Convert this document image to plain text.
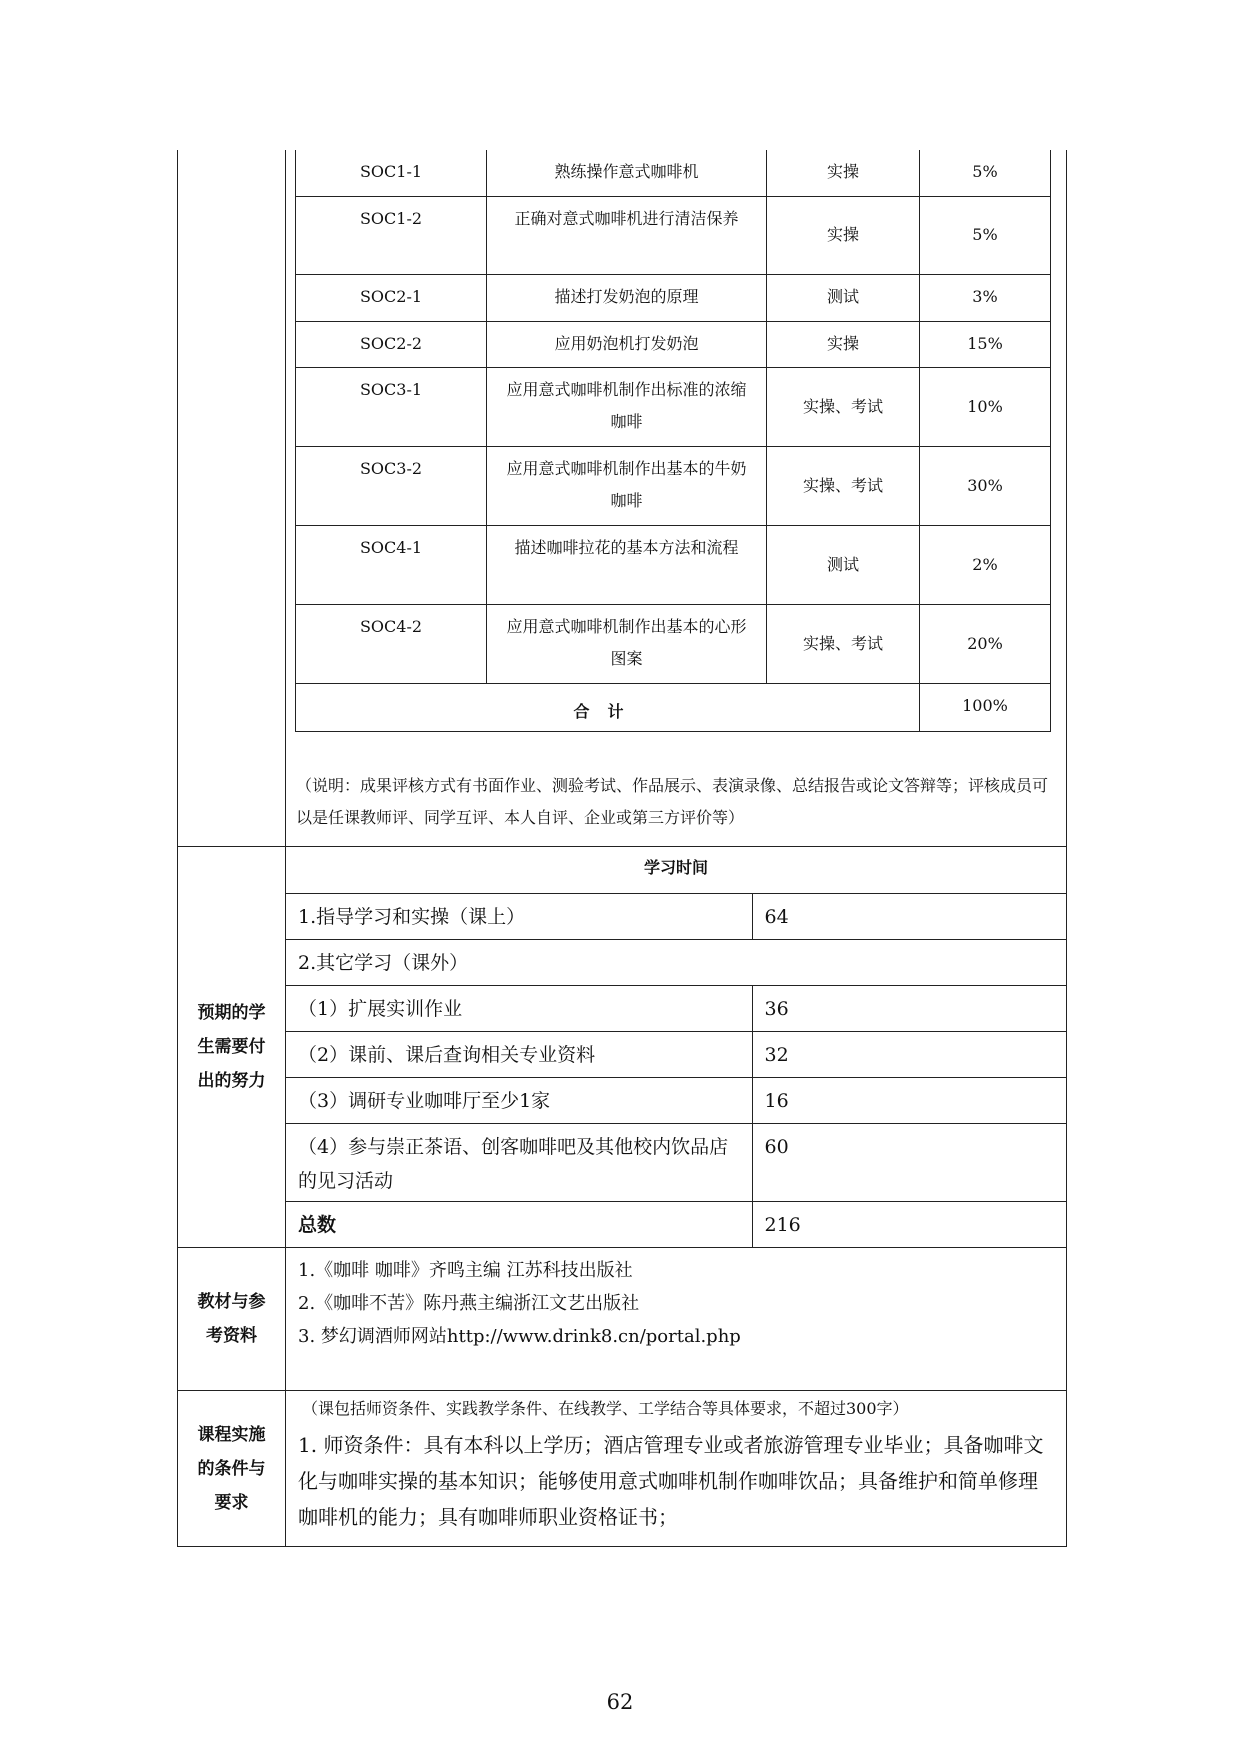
SOC1-1	熟练操作意式咖啡机	实操	5%
SOC1-2	正确对意式咖啡机进行清洁保养	实操	5%
SOC2-1	描述打发奶泡的原理	测试	3%
SOC2-2	应用奶泡机打发奶泡	实操	15%
SOC3-1	应用意式咖啡机制作出标准的浓缩咖啡	实操、考试	10%
SOC3-2	应用意式咖啡机制作出基本的牛奶咖啡	实操、考试	30%
SOC4-1	描述咖啡拉花的基本方法和流程	测试	2%
SOC4-2	应用意式咖啡机制作出基本的心形图案	实操、考试	20%
合计	100%
（说明：成果评核方式有书面作业、测验考试、作品展示、表演录像、总结报告或论文答辩等；评核成员可以是任课教师评、同学互评、本人自评、企业或第三方评价等）

预期的学生需要付出的努力	
学习时间
1.指导学习和实操（课上）	64
2.其它学习（课外）
（1）扩展实训作业	36
（2）课前、课后查询相关专业资料	32
（3）调研专业咖啡厅至少1家	16
（4）参与崇正茶语、创客咖啡吧及其他校内饮品店的见习活动	60
总数	216

教材与参考资料	
1.《咖啡 咖啡》齐鸣主编 江苏科技出版社
2.《咖啡不苦》陈丹燕主编浙江文艺出版社
3. 梦幻调酒师网站http://www.drink8.cn/portal.php

课程实施的条件与要求	
（课包括师资条件、实践教学条件、在线教学、工学结合等具体要求，不超过300字）
1. 师资条件：具有本科以上学历；酒店管理专业或者旅游管理专业毕业；具备咖啡文化与咖啡实操的基本知识；能够使用意式咖啡机制作咖啡饮品；具备维护和简单修理咖啡机的能力；具有咖啡师职业资格证书；
62
